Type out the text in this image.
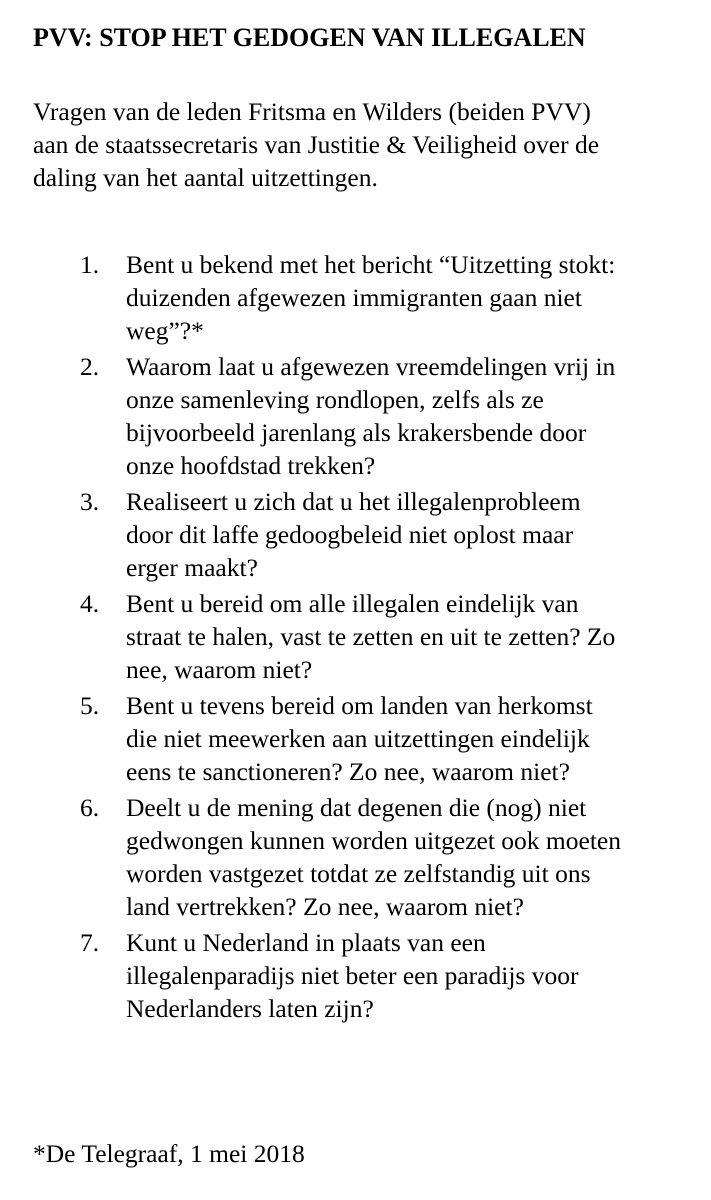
PVV: STOP HET GEDOGEN VAN ILLEGALEN
Vragen van de leden Fritsma en Wilders (beiden PVV)
aan de staatssecretaris van Justitie & Veiligheid over de
daling van het aantal uitzettingen.
1. Bent u bekend met het bericht “Uitzetting stokt:
duizenden afgewezen immigranten gaan niet
weg”?*
2. Waarom laat u afgewezen vreemdelingen vrij in
onze samenleving rondlopen, zelfs als ze
bijvoorbeeld jarenlang als krakersbende door
onze hoofdstad trekken?
3. Realiseert u zich dat u het illegalenprobleem
door dit laffe gedoogbeleid niet oplost maar
erger maakt?
4. Bent u bereid om alle illegalen eindelijk van
straat te halen, vast te zetten en uit te zetten? Zo
nee, waarom niet?
5. Bent u tevens bereid om landen van herkomst
die niet meewerken aan uitzettingen eindelijk
eens te sanctioneren? Zo nee, waarom niet?
6. Deelt u de mening dat degenen die (nog) niet
gedwongen kunnen worden uitgezet ook moeten
worden vastgezet totdat ze zelfstandig uit ons
land vertrekken? Zo nee, waarom niet?
7. Kunt u Nederland in plaats van een
illegalenparadijs niet beter een paradijs voor
Nederlanders laten zijn?
*De Telegraaf, 1 mei 2018
